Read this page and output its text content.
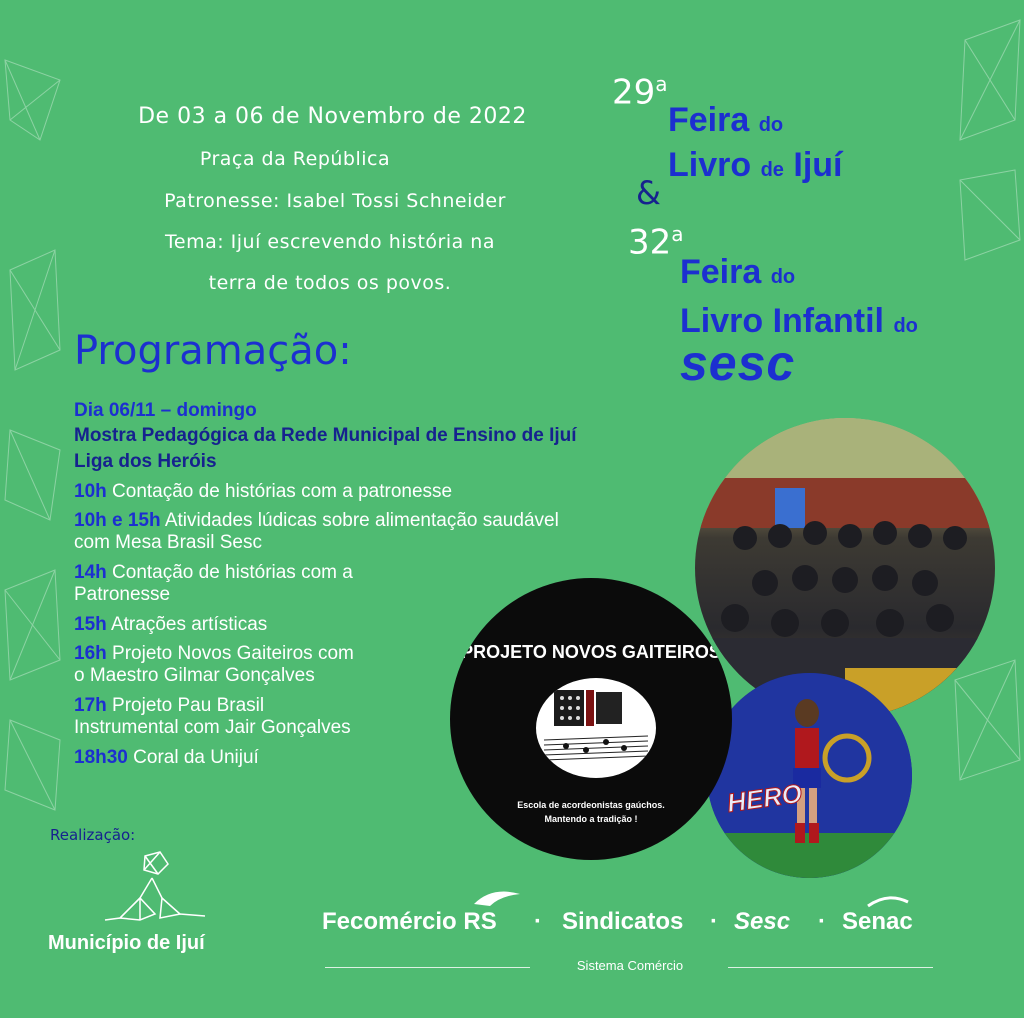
De 03 a 06 de Novembro de 2022
Praça da República
Patronesse: Isabel Tossi Schneider
Tema: Ijuí escrevendo história na
terra de todos os povos.
29$^a$
Feira do
Livro de Ijuí
&
32$^a$
Feira do
Livro Infantil do
sesc
Programação:
Dia 06/11 – domingo
Mostra Pedagógica da Rede Municipal de Ensino de Ijuí
Liga dos Heróis
10h Contação de histórias com a patronesse
10h e 15h Atividades lúdicas sobre alimentação saudável
com Mesa Brasil Sesc
14h Contação de histórias com a
Patronesse
15h Atrações artísticas
16h Projeto Novos Gaiteiros com
o Maestro Gilmar Gonçalves
17h Projeto Pau Brasil
Instrumental com Jair Gonçalves
18h30 Coral da Unijuí
HERO
PROJETO NOVOS GAITEIROS
Escola de acordeonistas gaúchos.
Mantendo a tradição !
Realização:
Município de Ijuí
Fecomércio RS · Sindicatos · Sesc · Senac
Sistema Comércio
